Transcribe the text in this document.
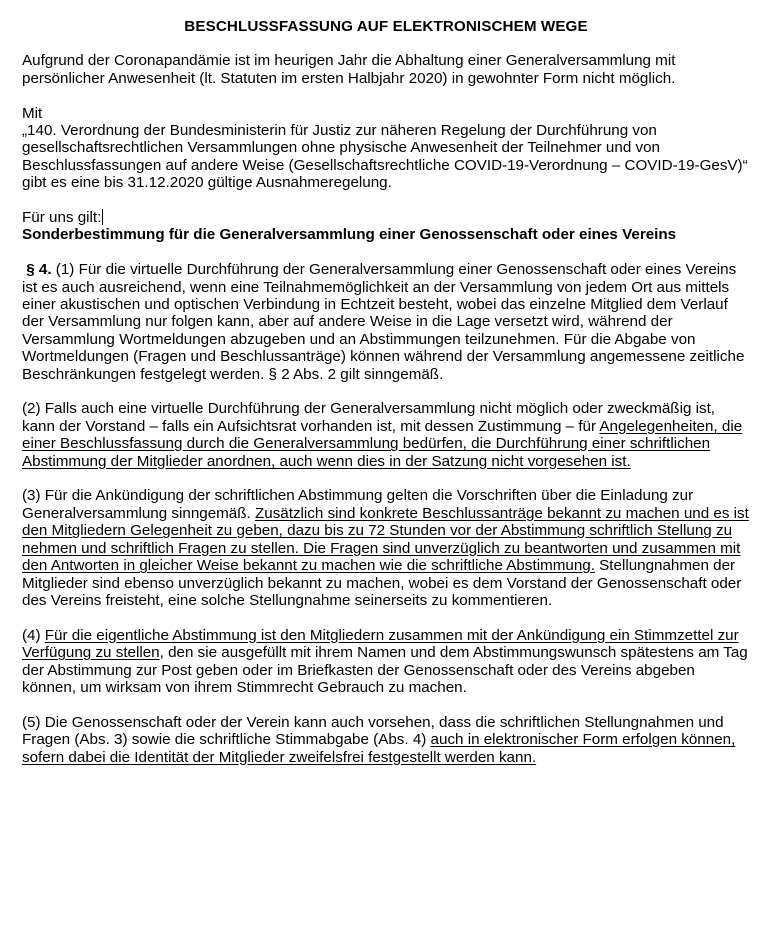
BESCHLUSSFASSUNG AUF ELEKTRONISCHEM WEGE

Aufgrund der Coronapandämie ist im heurigen Jahr die Abhaltung einer Generalversammlung mit persönlicher Anwesenheit (lt. Statuten im ersten Halbjahr 2020) in gewohnter Form nicht möglich.

Mit
„140. Verordnung der Bundesministerin für Justiz zur näheren Regelung der Durchführung von gesellschaftsrechtlichen Versammlungen ohne physische Anwesenheit der Teilnehmer und von Beschlussfassungen auf andere Weise (Gesellschaftsrechtliche COVID-19-Verordnung – COVID-19-GesV)“
gibt es eine bis 31.12.2020 gültige Ausnahmeregelung.

Für uns gilt:
Sonderbestimmung für die Generalversammlung einer Genossenschaft oder eines Vereins

§ 4. (1) Für die virtuelle Durchführung der Generalversammlung einer Genossenschaft oder eines Vereins ist es auch ausreichend, wenn eine Teilnahmemöglichkeit an der Versammlung von jedem Ort aus mittels einer akustischen und optischen Verbindung in Echtzeit besteht, wobei das einzelne Mitglied dem Verlauf der Versammlung nur folgen kann, aber auf andere Weise in die Lage versetzt wird, während der Versammlung Wortmeldungen abzugeben und an Abstimmungen teilzunehmen. Für die Abgabe von Wortmeldungen (Fragen und Beschlussanträge) können während der Versammlung angemessene zeitliche Beschränkungen festgelegt werden. § 2 Abs. 2 gilt sinngemäß.

(2) Falls auch eine virtuelle Durchführung der Generalversammlung nicht möglich oder zweckmäßig ist, kann der Vorstand – falls ein Aufsichtsrat vorhanden ist, mit dessen Zustimmung – für Angelegenheiten, die einer Beschlussfassung durch die Generalversammlung bedürfen, die Durchführung einer schriftlichen Abstimmung der Mitglieder anordnen, auch wenn dies in der Satzung nicht vorgesehen ist.

(3) Für die Ankündigung der schriftlichen Abstimmung gelten die Vorschriften über die Einladung zur Generalversammlung sinngemäß. Zusätzlich sind konkrete Beschlussanträge bekannt zu machen und es ist den Mitgliedern Gelegenheit zu geben, dazu bis zu 72 Stunden vor der Abstimmung schriftlich Stellung zu nehmen und schriftlich Fragen zu stellen. Die Fragen sind unverzüglich zu beantworten und zusammen mit den Antworten in gleicher Weise bekannt zu machen wie die schriftliche Abstimmung. Stellungnahmen der Mitglieder sind ebenso unverzüglich bekannt zu machen, wobei es dem Vorstand der Genossenschaft oder des Vereins freisteht, eine solche Stellungnahme seinerseits zu kommentieren.

(4) Für die eigentliche Abstimmung ist den Mitgliedern zusammen mit der Ankündigung ein Stimmzettel zur Verfügung zu stellen, den sie ausgefüllt mit ihrem Namen und dem Abstimmungswunsch spätestens am Tag der Abstimmung zur Post geben oder im Briefkasten der Genossenschaft oder des Vereins abgeben können, um wirksam von ihrem Stimmrecht Gebrauch zu machen.

(5) Die Genossenschaft oder der Verein kann auch vorsehen, dass die schriftlichen Stellungnahmen und Fragen (Abs. 3) sowie die schriftliche Stimmabgabe (Abs. 4) auch in elektronischer Form erfolgen können, sofern dabei die Identität der Mitglieder zweifelsfrei festgestellt werden kann.
